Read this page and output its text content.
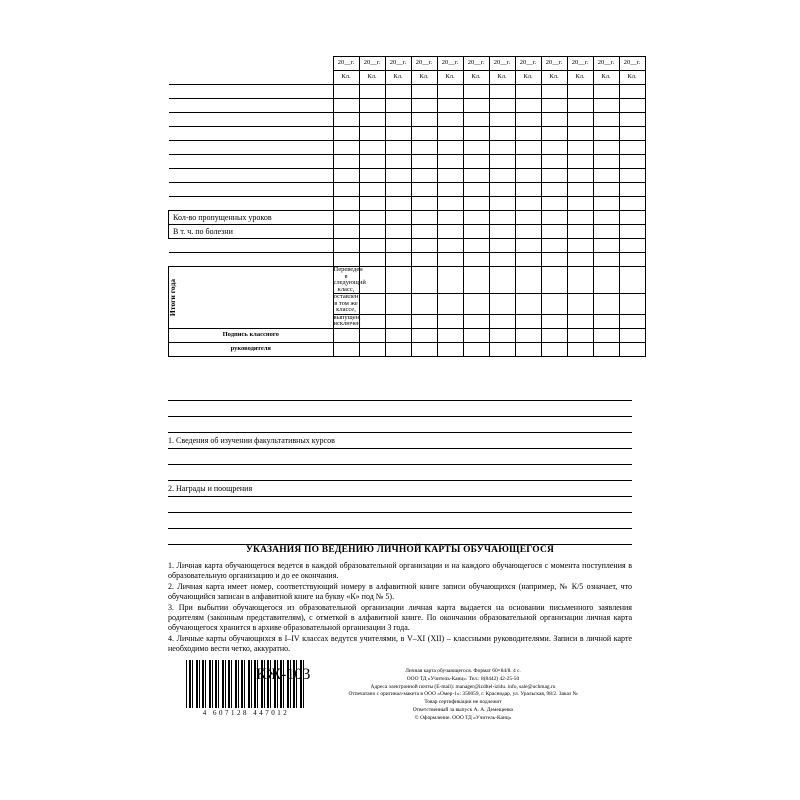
	20__г.	20__г.	20__г.	20__г.	20__г.	20__г.	20__г.	20__г.	20__г.	20__г.	20__г.	20__г.	
	Кл.	Кл.	Кл.	Кл.	Кл.	Кл.	Кл.	Кл.	Кл.	Кл.	Кл.	Кл.	

Кол-во пропущенных уроков													
В т. ч. по болезни													

Итоги года	Переведен в следующий класс,												
	оставлен в том же классе,												
	выпущен, исключен												
Подпись классного													
руководителя													
1. Сведения об изучении факультативных курсов
2. Награды и поощрения
УКАЗАНИЯ ПО ВЕДЕНИЮ ЛИЧНОЙ КАРТЫ ОБУЧАЮЩЕГОСЯ

1. Личная карта обучающегося ведется в каждой образовательной организации и на каждого обучающегося с момента поступления в образовательную организацию и до ее окончания.

2. Личная карта имеет номер, соответствующий номеру в алфавитной книге записи обучающихся (например, № К/5 означает, что обучающийся записан в алфавитной книге на букву «К» под № 5).

3. При выбытии обучающегося из образовательной организации личная карта выдается на основании письменного заявления родителям (законным представителям), с отметкой в алфавитной книге. По окончании образовательной организации личная карта обучающегося хранится в архиве образовательной организации 3 года.

4. Личные карты обучающихся в I–IV классах ведутся учителями, в V–XI (XII) – классными руководителями. Записи в личной карте необходимо вести четко, аккуратно.

4 607128 447012
КЖ-103	Личная карта обучающегося. Формат 60×84/8. 4 с.
ООО ТД «Учитель-Канц». Тел.: 8(8442) 42-25-50
Адреса электронной почты (E-mail): manager@izdltel-izl4u. info, sale@uchmag.ru
Отпечатано с оригинал-макета в ООО «Омер-1»: 350059, г. Краснодар, ул. Уральская, 98/2. Заказ №
Товар сертификации не подлежит
Ответственный за выпуск А. А. Демещенко
© Оформление. ООО ТД «Учитель-Канц»
